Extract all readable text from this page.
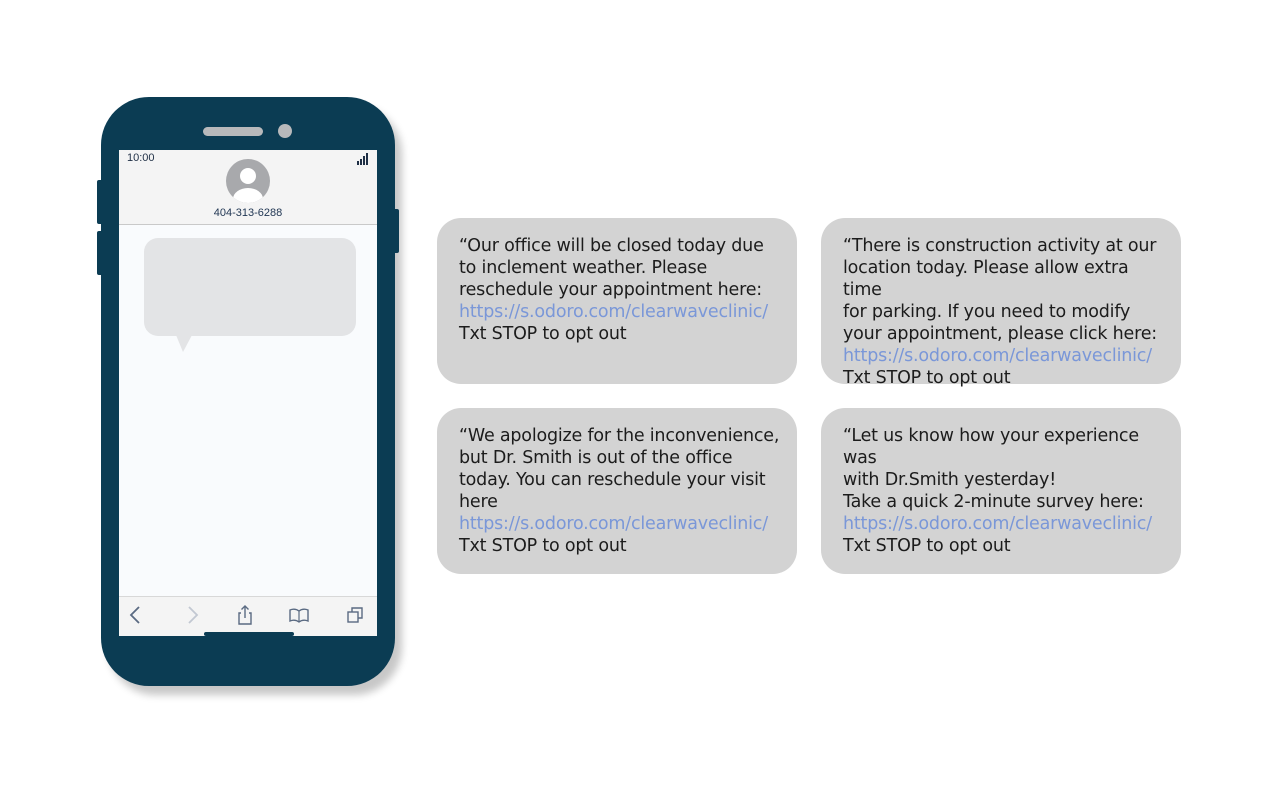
10:00
404-313-6288

“Our office will be closed today due
to inclement weather. Please
reschedule your appointment here:

https://s.odoro.com/clearwaveclinic/
Txt STOP to opt out

“There is construction activity at our
location today. Please allow extra time
for parking. If you need to modify
your appointment, please click here:

https://s.odoro.com/clearwaveclinic/
Txt STOP to opt out

“We apologize for the inconvenience,
but Dr. Smith is out of the office
today. You can reschedule your visit
here

https://s.odoro.com/clearwaveclinic/
Txt STOP to opt out

“Let us know how your experience was
with Dr.Smith yesterday!
Take a quick 2-minute survey here:

https://s.odoro.com/clearwaveclinic/
Txt STOP to opt out
